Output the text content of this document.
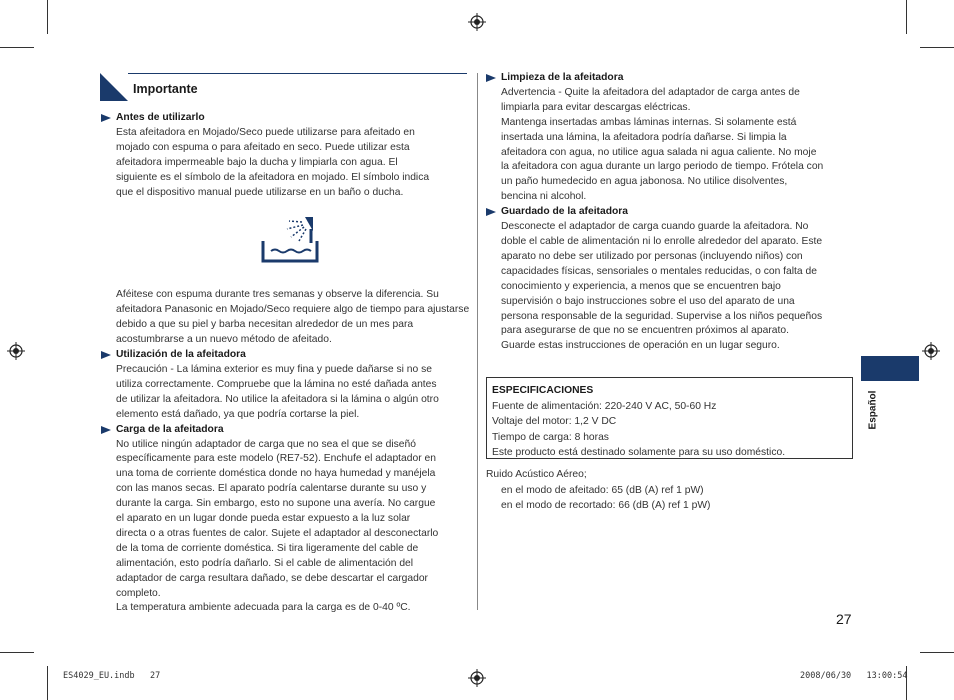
Importante
Antes de utilizarlo
Esta afeitadora en Mojado/Seco puede utilizarse para afeitado en
mojado con espuma o para afeitado en seco. Puede utilizar esta
afeitadora impermeable bajo la ducha y limpiarla con agua. El
siguiente es el símbolo de la afeitadora en mojado. El símbolo indica
que el dispositivo manual puede utilizarse en un baño o ducha.
Aféitese con espuma durante tres semanas y observe la diferencia. Su afeitadora Panasonic en Mojado/Seco requiere algo de tiempo para ajustarse debido a que su piel y barba necesitan alrededor de un mes para acostumbrarse a un nuevo método de afeitado.
Utilización de la afeitadora
Precaución - La lámina exterior es muy fina y puede dañarse si no se
utiliza correctamente. Compruebe que la lámina no esté dañada antes
de utilizar la afeitadora. No utilice la afeitadora si la lámina o algún otro
elemento está dañado, ya que podría cortarse la piel.
Carga de la afeitadora
No utilice ningún adaptador de carga que no sea el que se diseñó
específicamente para este modelo (RE7-52). Enchufe el adaptador en
una toma de corriente doméstica donde no haya humedad y manéjela
con las manos secas. El aparato podría calentarse durante su uso y
durante la carga. Sin embargo, esto no supone una avería. No cargue
el aparato en un lugar donde pueda estar expuesto a la luz solar
directa o a otras fuentes de calor. Sujete el adaptador al desconectarlo
de la toma de corriente doméstica. Si tira ligeramente del cable de
alimentación, esto podría dañarlo. Si el cable de alimentación del
adaptador de carga resultara dañado, se debe descartar el cargador
completo.
La temperatura ambiente adecuada para la carga es de 0-40 ºC.
Limpieza de la afeitadora
Advertencia - Quite la afeitadora del adaptador de carga antes de
limpiarla para evitar descargas eléctricas.
Mantenga insertadas ambas láminas internas. Si solamente está
insertada una lámina, la afeitadora podría dañarse. Si limpia la
afeitadora con agua, no utilice agua salada ni agua caliente. No moje
la afeitadora con agua durante un largo periodo de tiempo. Frótela con
un paño humedecido en agua jabonosa. No utilice disolventes,
bencina ni alcohol.
Guardado de la afeitadora
Desconecte el adaptador de carga cuando guarde la afeitadora. No
doble el cable de alimentación ni lo enrolle alrededor del aparato. Este
aparato no debe ser utilizado por personas (incluyendo niños) con
capacidades físicas, sensoriales o mentales reducidas, o con falta de
conocimiento y experiencia, a menos que se encuentren bajo
supervisión o bajo instrucciones sobre el uso del aparato de una
persona responsable de la seguridad. Supervise a los niños pequeños
para asegurarse de que no se encuentren próximos al aparato.
Guarde estas instrucciones de operación en un lugar seguro.
ESPECIFICACIONES
Fuente de alimentación: 220-240 V AC, 50-60 Hz
Voltaje del motor: 1,2 V DC
Tiempo de carga: 8 horas
Este producto está destinado solamente para su uso doméstico.
Ruido Acústico Aéreo;
en el modo de afeitado: 65 (dB (A) ref 1 pW)
en el modo de recortado: 66 (dB (A) ref 1 pW)
Español
27
ES4029_EU.indb   27	2008/06/30   13:00:54
